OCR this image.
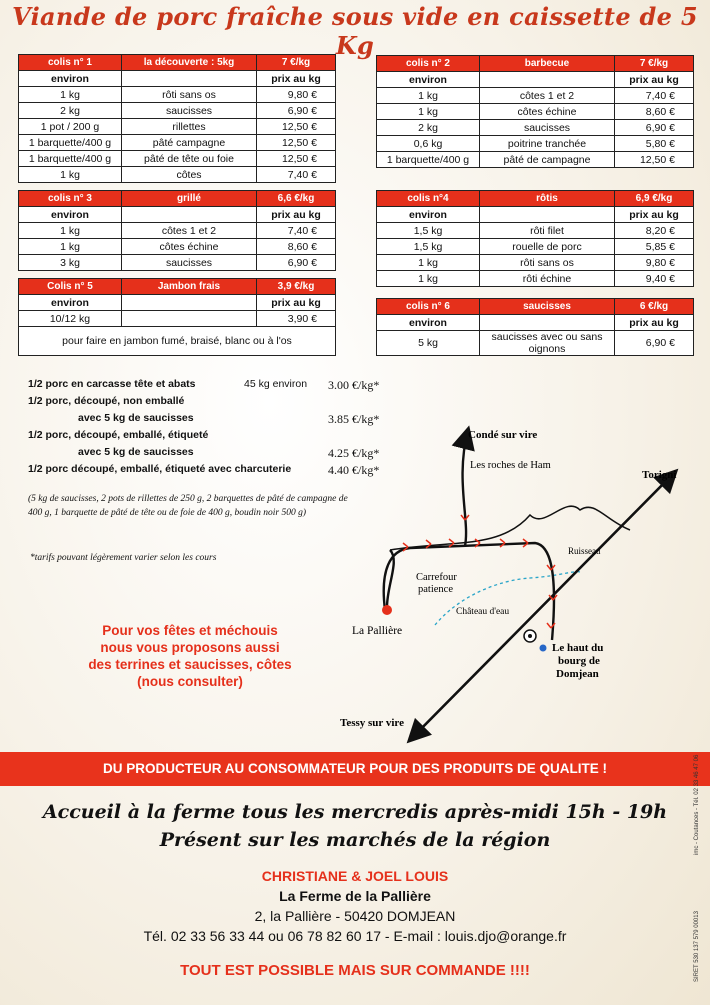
Viande de porc fraîche sous vide en caissette de 5 Kg
colis n° 1	la découverte : 5kg	7 €/kg
environ		prix au kg
1 kg	rôti sans os	9,80 €
2 kg	saucisses	6,90 €
1 pot / 200 g	rillettes	12,50 €
1 barquette/400 g	pâté campagne	12,50 €
1 barquette/400 g	pâté de tête ou foie	12,50 €
1 kg	côtes	7,40 €
colis n° 2	barbecue	7 €/kg
environ		prix au kg
1 kg	côtes 1 et 2	7,40 €
1 kg	côtes échine	8,60 €
2 kg	saucisses	6,90 €
0,6 kg	poitrine tranchée	5,80 €
1 barquette/400 g	pâté de campagne	12,50 €
colis n° 3	grillé	6,6 €/kg
environ		prix au kg
1 kg	côtes 1 et 2	7,40 €
1 kg	côtes échine	8,60 €
3 kg	saucisses	6,90 €
colis n°4	rôtis	6,9 €/kg
environ		prix au kg
1,5 kg	rôti filet	8,20 €
1,5 kg	rouelle de porc	5,85 €
1 kg	rôti sans os	9,80 €
1 kg	rôti échine	9,40 €
Colis n° 5	Jambon frais	3,9 €/kg
environ		prix au kg
10/12 kg		3,90 €
pour faire en jambon fumé, braisé, blanc ou à l'os		
colis n° 6	saucisses	6 €/kg
environ		prix au kg
5 kg	saucisses avec ou sans oignons	6,90 €
1/2 porc en carcasse tête et abats	45 kg environ 3.00 €/kg*
1/2 porc, découpé, non emballé
avec 5 kg de saucisses	3.85 €/kg*
1/2 porc, découpé, emballé, étiqueté
avec 5 kg de saucisses	4.25 €/kg*
1/2 porc découpé, emballé, étiqueté avec charcuterie	4.40 €/kg*
(5 kg de saucisses, 2 pots de rillettes de 250 g, 2 barquettes de pâté de campagne de 400 g, 1 barquette de pâté de tête ou de foie de 400 g, boudin noir 500 g)
*tarifs pouvant légèrement varier selon les cours
Pour vos fêtes et méchouis
nous vous proposons aussi
des terrines et saucisses, côtes
(nous consulter)
Condé sur vire
Les roches de Ham
Torigni
Ruisseau
Carrefour
patience
Château d'eau
La Pallière
Le haut du
bourg de
Domjean
Tessy sur vire
DU PRODUCTEUR AU CONSOMMATEUR POUR DES PRODUITS DE QUALITE !
Accueil à la ferme tous les mercredis après-midi 15h - 19h
Présent sur les marchés de la région
CHRISTIANE & JOEL LOUIS
La Ferme de la Pallière
2, la Pallière - 50420 DOMJEAN
Tél. 02 33 56 33 44 ou 06 78 82 60 17 - E-mail : louis.djo@orange.fr
TOUT EST POSSIBLE MAIS SUR COMMANDE !!!!	SIRET 530 137 579 00013
imc - Coutances - Tél. 02 33 46 47 06
